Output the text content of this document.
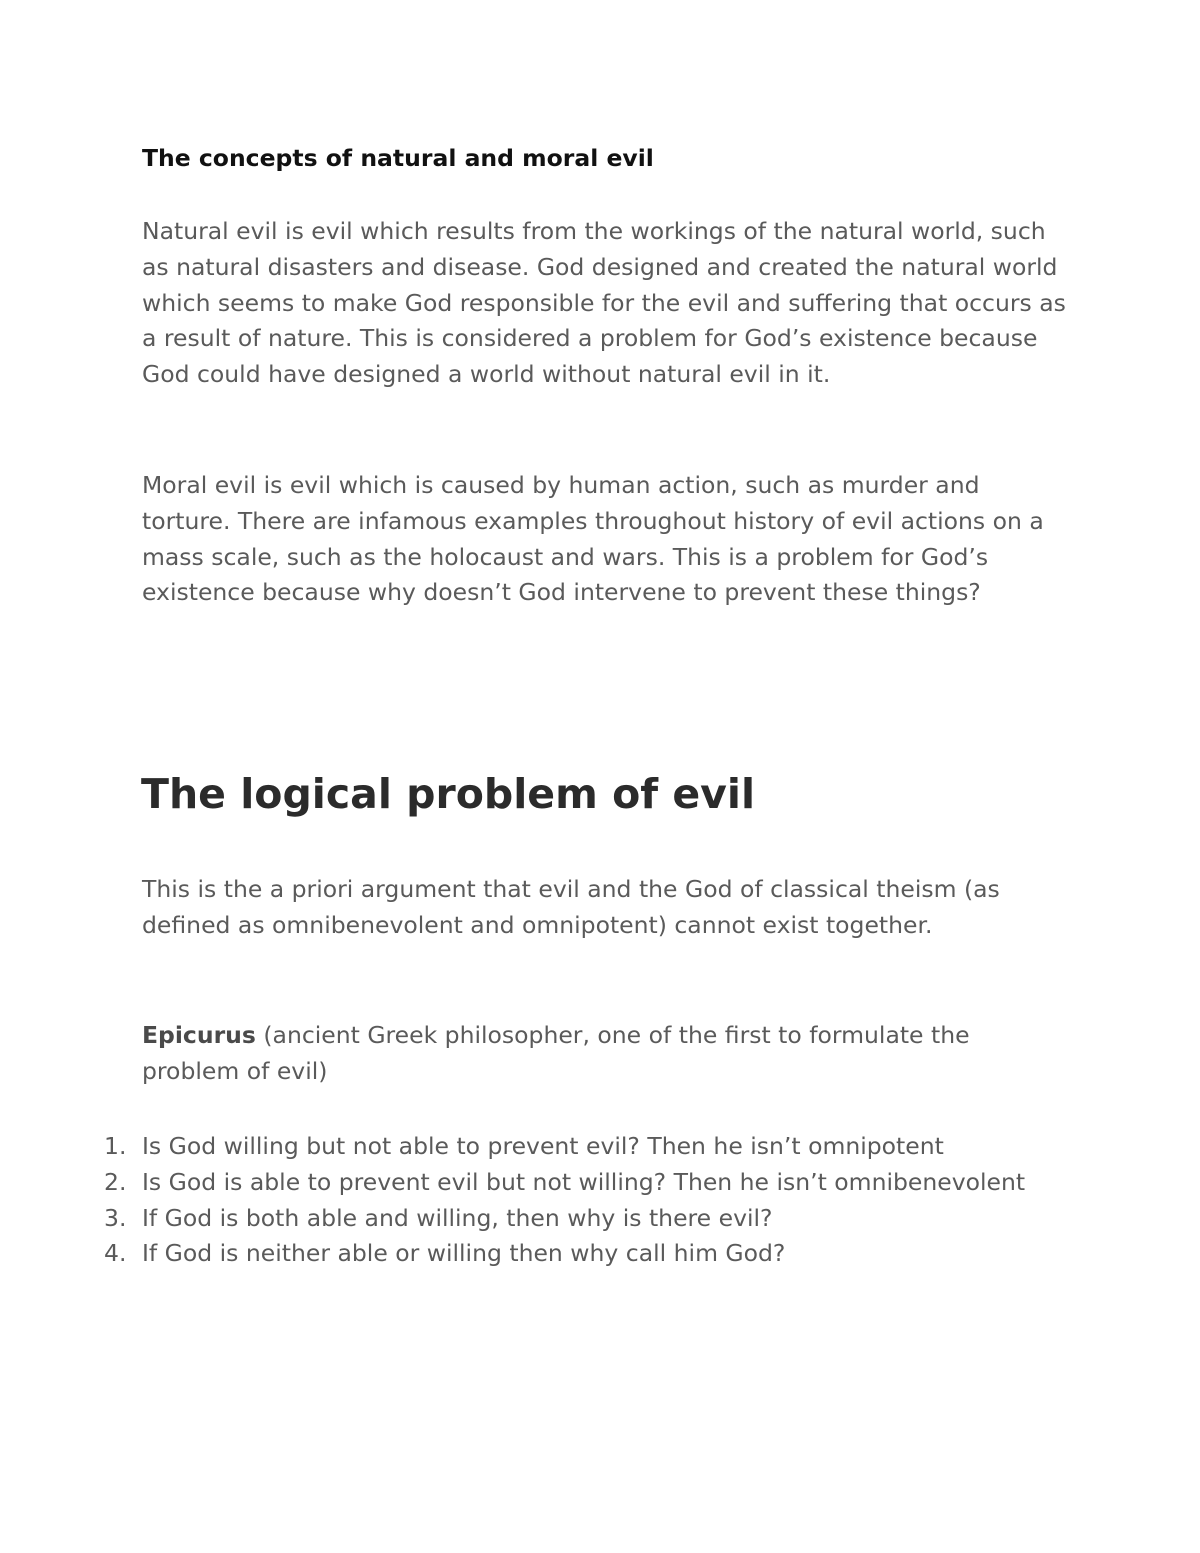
The concepts of natural and moral evil

Natural evil is evil which results from the workings of the natural world, such as natural disasters and disease. God designed and created the natural world which seems to make God responsible for the evil and suffering that occurs as a result of nature. This is considered a problem for God’s existence because God could have designed a world without natural evil in it.

Moral evil is evil which is caused by human action, such as murder and torture. There are infamous examples throughout history of evil actions on a mass scale, such as the holocaust and wars. This is a problem for God’s existence because why doesn’t God intervene to prevent these things?

The logical problem of evil

This is the a priori argument that evil and the God of classical theism (as defined as omnibenevolent and omnipotent) cannot exist together.

Epicurus (ancient Greek philosopher, one of the first to formulate the problem of evil)

1. Is God willing but not able to prevent evil? Then he isn’t omnipotent
2. Is God is able to prevent evil but not willing? Then he isn’t omnibenevolent
3. If God is both able and willing, then why is there evil?
4. If God is neither able or willing then why call him God?
